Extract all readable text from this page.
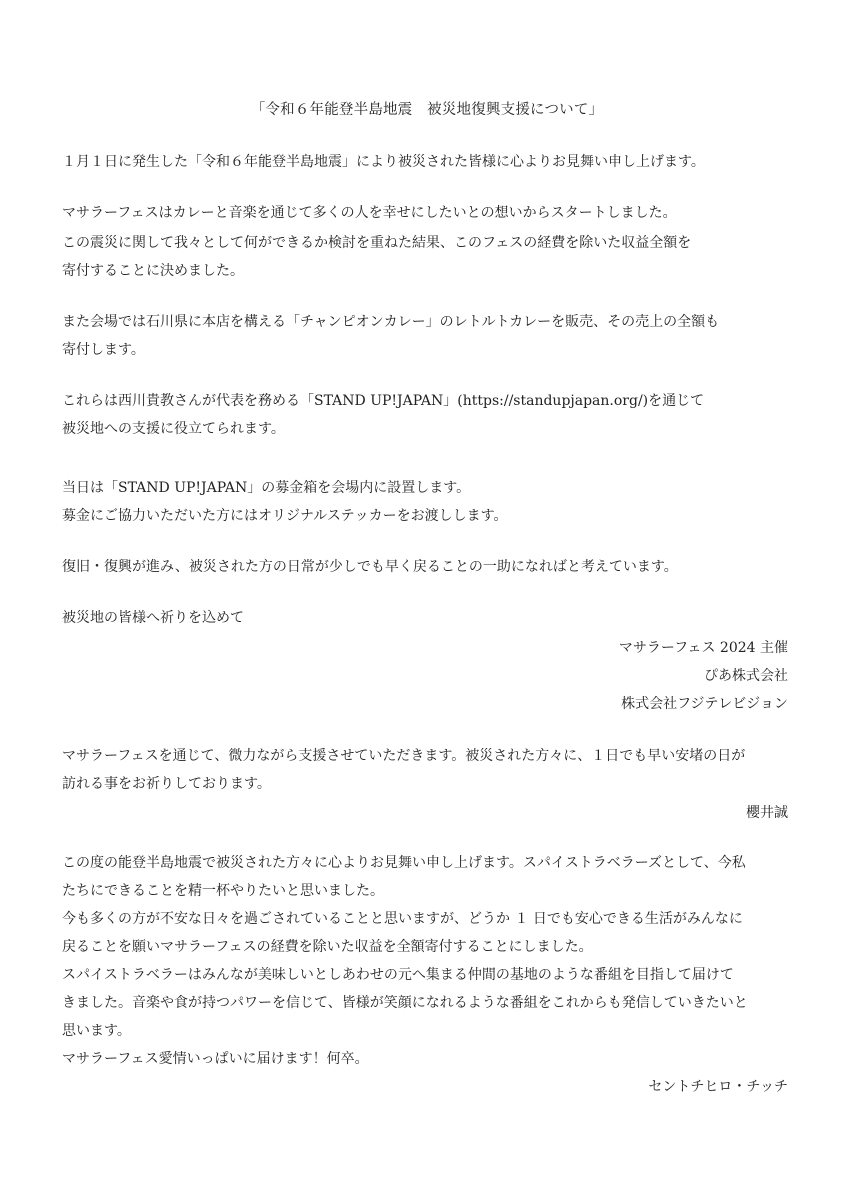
「令和６年能登半島地震　被災地復興支援について」
１月１日に発生した「令和６年能登半島地震」により被災された皆様に心よりお見舞い申し上げます。
マサラーフェスはカレーと音楽を通じて多くの人を幸せにしたいとの想いからスタートしました。
この震災に関して我々として何ができるか検討を重ねた結果、このフェスの経費を除いた収益全額を
寄付することに決めました。
また会場では石川県に本店を構える「チャンピオンカレー」のレトルトカレーを販売、その売上の全額も
寄付します。
これらは西川貴教さんが代表を務める「STAND UP!JAPAN」(https://standupjapan.org/)を通じて
被災地への支援に役立てられます。
当日は「STAND UP!JAPAN」の募金箱を会場内に設置します。
募金にご協力いただいた方にはオリジナルステッカーをお渡しします。
復旧・復興が進み、被災された方の日常が少しでも早く戻ることの一助になればと考えています。
被災地の皆様へ祈りを込めて
マサラーフェス 2024 主催
ぴあ株式会社
株式会社フジテレビジョン
マサラーフェスを通じて、微力ながら支援させていただきます。被災された方々に、１日でも早い安堵の日が
訪れる事をお祈りしております。
櫻井誠
この度の能登半島地震で被災された方々に心よりお見舞い申し上げます。スパイストラベラーズとして、今私
たちにできることを精一杯やりたいと思いました。
今も多くの方が不安な日々を過ごされていることと思いますが、どうか １ 日でも安心できる生活がみんなに
戻ることを願いマサラーフェスの経費を除いた収益を全額寄付することにしました。
スパイストラベラーはみんなが美味しいとしあわせの元へ集まる仲間の基地のような番組を目指して届けて
きました。音楽や食が持つパワーを信じて、皆様が笑顔になれるような番組をこれからも発信していきたいと
思います。
マサラーフェス愛情いっぱいに届けます！何卒。
セントチヒロ・チッチ
